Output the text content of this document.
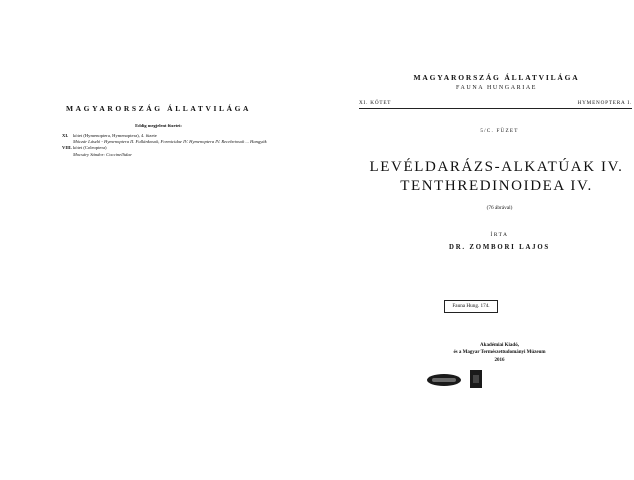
MAGYARORSZÁG ÁLLATVILÁGA
Eddig megjelent füzetei:
XI.	kötet (Hymenoptera, Hymenoptera), 4. füzete
Móczár László - Hymenoptera II. Fullánkosok, Formicidae IV. Hymenoptera IV. Recebetosok ... Hangyák
VIII. kötet (Coleoptera)
Mocsáry Sándor: Coccinellidae
MAGYARORSZÁG ÁLLATVILÁGA
FAUNA HUNGARIAE
XI. KÖTET	HYMENOPTERA I.
5/C. FÜZET
LEVÉLDARÁZS-ALKATÚAK IV.
TENTHREDINOIDEA IV.
(76 ábrával)
ÍRTA
DR. ZOMBORI LAJOS
Fauna Hung. 174.
Akadémiai Kiadó,
és a Magyar Természettudományi Múzeum
2016
